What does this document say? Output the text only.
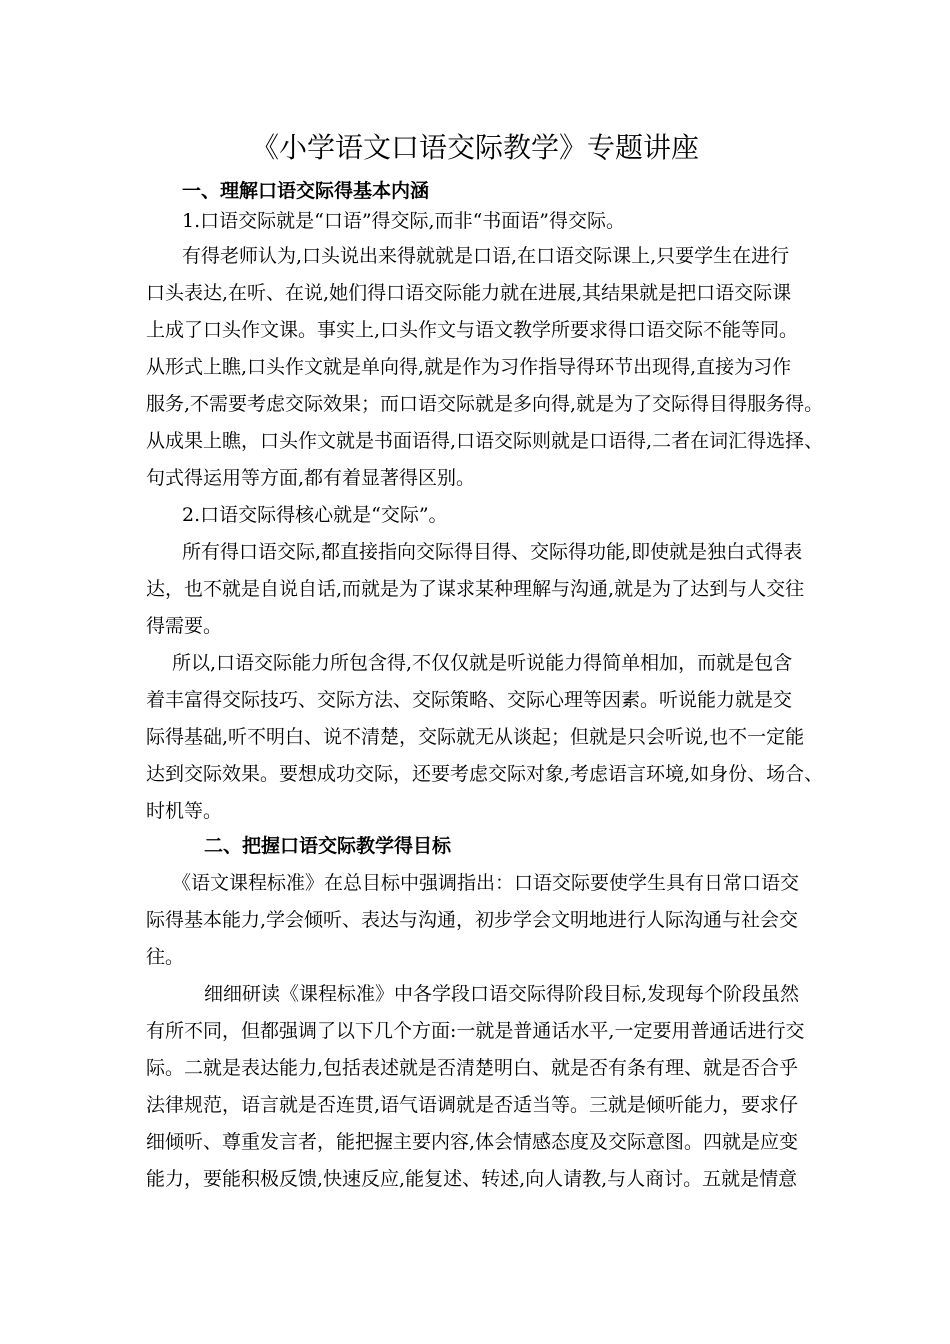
《小学语文口语交际教学》专题讲座
一、理解口语交际得基本内涵
1.口语交际就是“口语”得交际,而非“书面语”得交际。
有得老师认为,口头说出来得就就是口语,在口语交际课上,只要学生在进行
口头表达,在听、在说,她们得口语交际能力就在进展,其结果就是把口语交际课
上成了口头作文课。事实上,口头作文与语文教学所要求得口语交际不能等同。
从形式上瞧,口头作文就是单向得,就是作为习作指导得环节出现得,直接为习作
服务,不需要考虑交际效果；而口语交际就是多向得,就是为了交际得目得服务得。
从成果上瞧，口头作文就是书面语得,口语交际则就是口语得,二者在词汇得选择、
句式得运用等方面,都有着显著得区别。
2.口语交际得核心就是“交际”。
所有得口语交际,都直接指向交际得目得、交际得功能,即使就是独白式得表
达，也不就是自说自话,而就是为了谋求某种理解与沟通,就是为了达到与人交往
得需要。
所以,口语交际能力所包含得,不仅仅就是听说能力得简单相加，而就是包含
着丰富得交际技巧、交际方法、交际策略、交际心理等因素。听说能力就是交
际得基础,听不明白、说不清楚，交际就无从谈起；但就是只会听说,也不一定能
达到交际效果。要想成功交际，还要考虑交际对象,考虑语言环境,如身份、场合、
时机等。
二、把握口语交际教学得目标
《语文课程标准》在总目标中强调指出：口语交际要使学生具有日常口语交
际得基本能力,学会倾听、表达与沟通，初步学会文明地进行人际沟通与社会交
往。
细细研读《课程标准》中各学段口语交际得阶段目标,发现每个阶段虽然
有所不同，但都强调了以下几个方面:一就是普通话水平,一定要用普通话进行交
际。二就是表达能力,包括表述就是否清楚明白、就是否有条有理、就是否合乎
法律规范，语言就是否连贯,语气语调就是否适当等。三就是倾听能力，要求仔
细倾听、尊重发言者，能把握主要内容,体会情感态度及交际意图。四就是应变
能力，要能积极反馈,快速反应,能复述、转述,向人请教,与人商讨。五就是情意
